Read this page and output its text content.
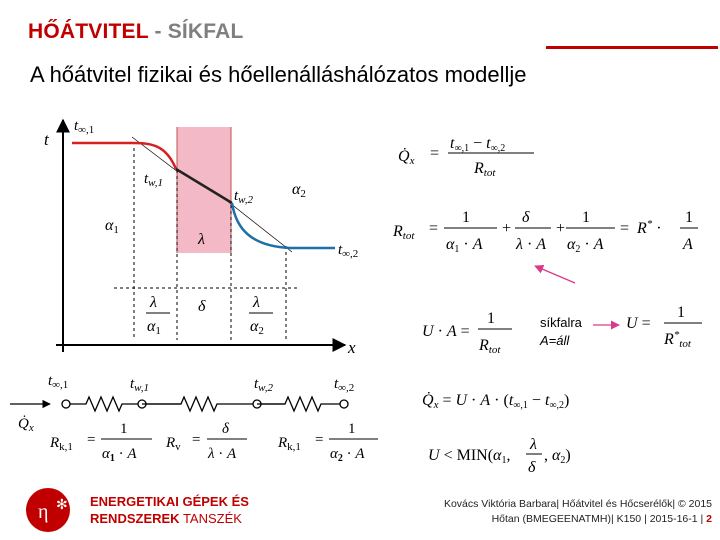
HŐÁTVITEL - SÍKFAL
A hőátvitel fizikai és hőellenálláshálózatos modellje
t
x
$t_{\infty,1}$
$t_{w,1}$
$t_{w,2}$
α2
α1
λ
$t_{\infty,2}$
λ
α1
δ	λ
α2
$t_{\infty,1}$	$t_{w,1}$	$t_{w,2}$	$t_{\infty,2}$
$Q̇_x$
$R_{k,1}$ =
1
$\alpha_1 \cdot A$
$R_v$ =
δ
λ · A
$R_{k,1}$ =
1
$\alpha_2 \cdot A$
Q̇x =
t∞,1 − t∞,2
Rtot
Rtot =
1
α1 · A
+
δ
λ · A
+
1
α2 · A
= R* ·
1
A
U · A =
1
Rtot
U =
1
$R^*_{tot}$
Q̇x = U · A · (t∞,1 − t∞,2)
U < MIN(α1,
λ
δ
, α2)
síkfalra
A=áll
η ✻ ENERGETIKAI GÉPEK ÉS
RENDSZEREK TANSZÉK
Kovács Viktória Barbara| Hőátvitel és Hőcserélők| © 2015
Hőtan (BMEGEENATMH)| K150 | 2015-16-1 | 2
